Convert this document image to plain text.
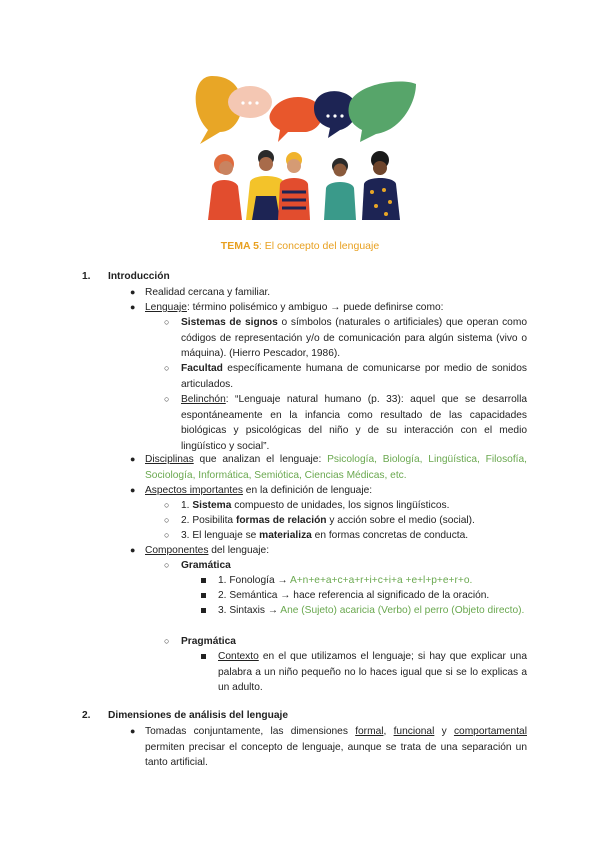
TEMA 5: El concepto del lenguaje
1. Introducción
● Realidad cercana y familiar.
● Lenguaje: término polisémico y ambiguo → puede definirse como:
○ Sistemas de signos o símbolos (naturales o artificiales) que operan como códigos de representación y/o de comunicación para algún sistema (vivo o máquina). (Hierro Pescador, 1986).
○ Facultad específicamente humana de comunicarse por medio de sonidos articulados.
○ Belinchón: “Lenguaje natural humano (p. 33): aquel que se desarrolla espontáneamente en la infancia como resultado de las capacidades biológicas y psicológicas del niño y de su interacción con el medio lingüístico y social”.
● Disciplinas que analizan el lenguaje: Psicología, Biología, Lingüística, Filosofía, Sociología, Informática, Semiótica, Ciencias Médicas, etc.
● Aspectos importantes en la definición de lenguaje:
○ 1. Sistema compuesto de unidades, los signos lingüísticos.
○ 2. Posibilita formas de relación y acción sobre el medio (social).
○ 3. El lenguaje se materializa en formas concretas de conducta.
● Componentes del lenguaje:
○ Gramática
1. Fonología → A+n+e+a+c+a+r+i+c+i+a +e+l+p+e+r+o.
2. Semántica → hace referencia al significado de la oración.
3. Sintaxis → Ane (Sujeto) acaricia (Verbo) el perro (Objeto directo).
○ Pragmática
Contexto en el que utilizamos el lenguaje; si hay que explicar una palabra a un niño pequeño no lo haces igual que si se lo explicas a un adulto.
2. Dimensiones de análisis del lenguaje
● Tomadas conjuntamente, las dimensiones formal, funcional y comportamental permiten precisar el concepto de lenguaje, aunque se trata de una separación un tanto artificial.
